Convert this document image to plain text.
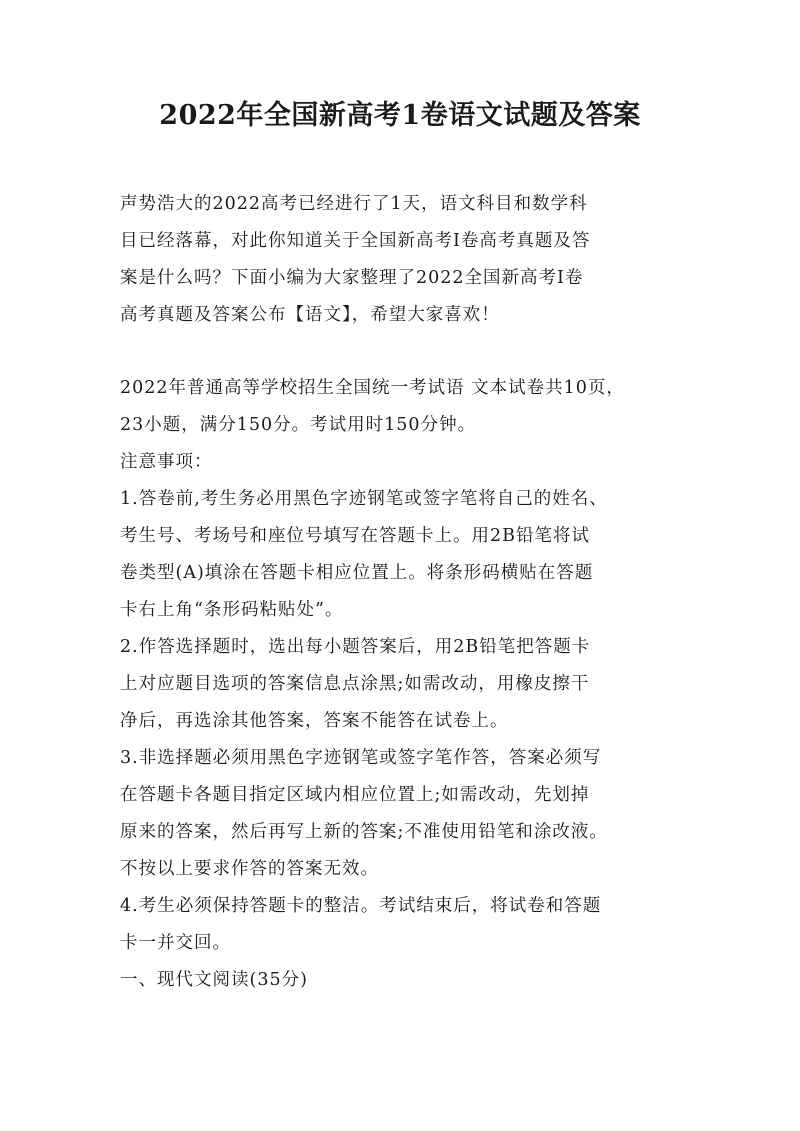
2022年全国新高考1卷语文试题及答案
声势浩大的2022高考已经进行了1天，语文科目和数学科
目已经落幕，对此你知道关于全国新高考Ⅰ卷高考真题及答
案是什么吗？下面小编为大家整理了2022全国新高考Ⅰ卷
高考真题及答案公布【语文】，希望大家喜欢！
2022年普通高等学校招生全国统一考试语 文本试卷共10页，
23小题，满分150分。考试用时150分钟。
注意事项：
1.答卷前,考生务必用黑色字迹钢笔或签字笔将自己的姓名、
考生号、考场号和座位号填写在答题卡上。用2B铅笔将试
卷类型(A)填涂在答题卡相应位置上。将条形码横贴在答题
卡右上角“条形码粘贴处”。
2.作答选择题时，选出每小题答案后，用2B铅笔把答题卡
上对应题目选项的答案信息点涂黑;如需改动，用橡皮擦干
净后，再选涂其他答案，答案不能答在试卷上。
3.非选择题必须用黑色字迹钢笔或签字笔作答，答案必须写
在答题卡各题目指定区域内相应位置上;如需改动，先划掉
原来的答案，然后再写上新的答案;不准使用铅笔和涂改液。
不按以上要求作答的答案无效。
4.考生必须保持答题卡的整洁。考试结束后，将试卷和答题
卡一并交回。
一、现代文阅读(35分)
